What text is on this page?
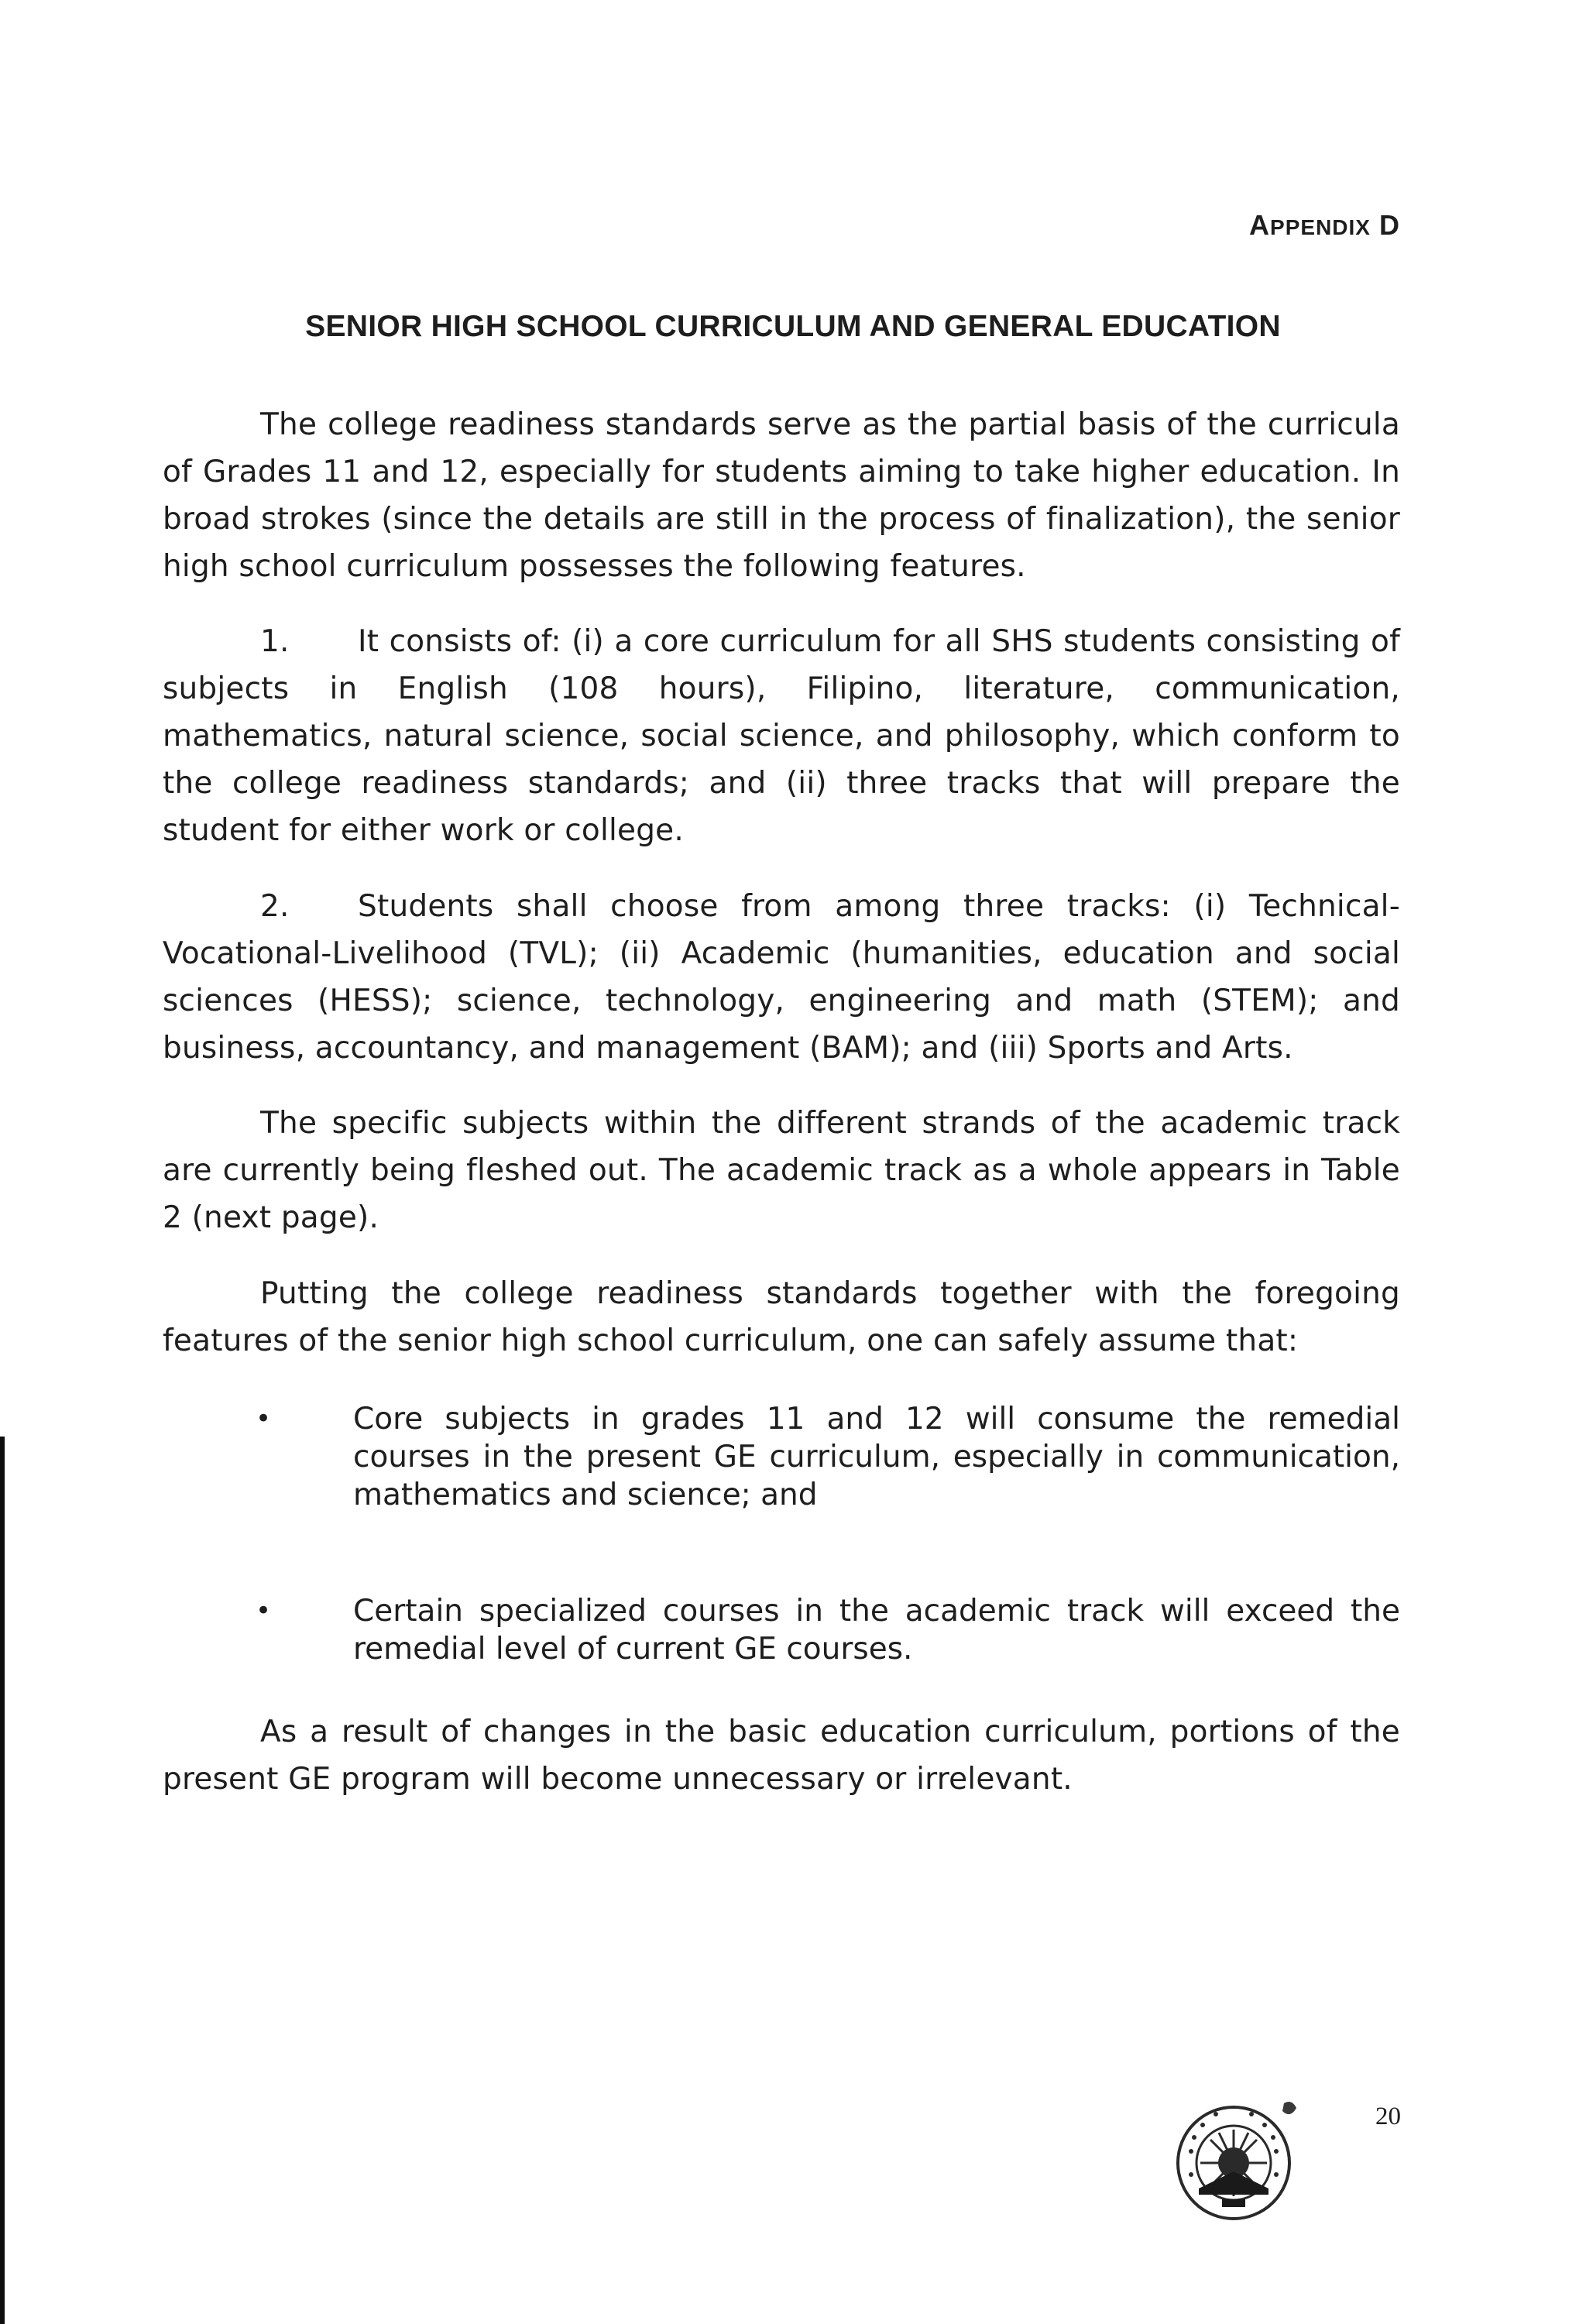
APPENDIX D
SENIOR HIGH SCHOOL CURRICULUM AND GENERAL EDUCATION
The college readiness standards serve as the partial basis of the curricula of Grades 11 and 12, especially for students aiming to take higher education. In broad strokes (since the details are still in the process of finalization), the senior high school curriculum possesses the following features.
1. It consists of: (i) a core curriculum for all SHS students consisting of subjects in English (108 hours), Filipino, literature, communication, mathematics, natural science, social science, and philosophy, which conform to the college readiness standards; and (ii) three tracks that will prepare the student for either work or college.
2. Students shall choose from among three tracks: (i) Technical-Vocational-Livelihood (TVL); (ii) Academic (humanities, education and social sciences (HESS); science, technology, engineering and math (STEM); and business, accountancy, and management (BAM); and (iii) Sports and Arts.
The specific subjects within the different strands of the academic track are currently being fleshed out. The academic track as a whole appears in Table 2 (next page).
Putting the college readiness standards together with the foregoing features of the senior high school curriculum, one can safely assume that:
•	Core subjects in grades 11 and 12 will consume the remedial courses in the present GE curriculum, especially in communication, mathematics and science; and
•	Certain specialized courses in the academic track will exceed the remedial level of current GE courses.
As a result of changes in the basic education curriculum, portions of the present GE program will become unnecessary or irrelevant.
20
